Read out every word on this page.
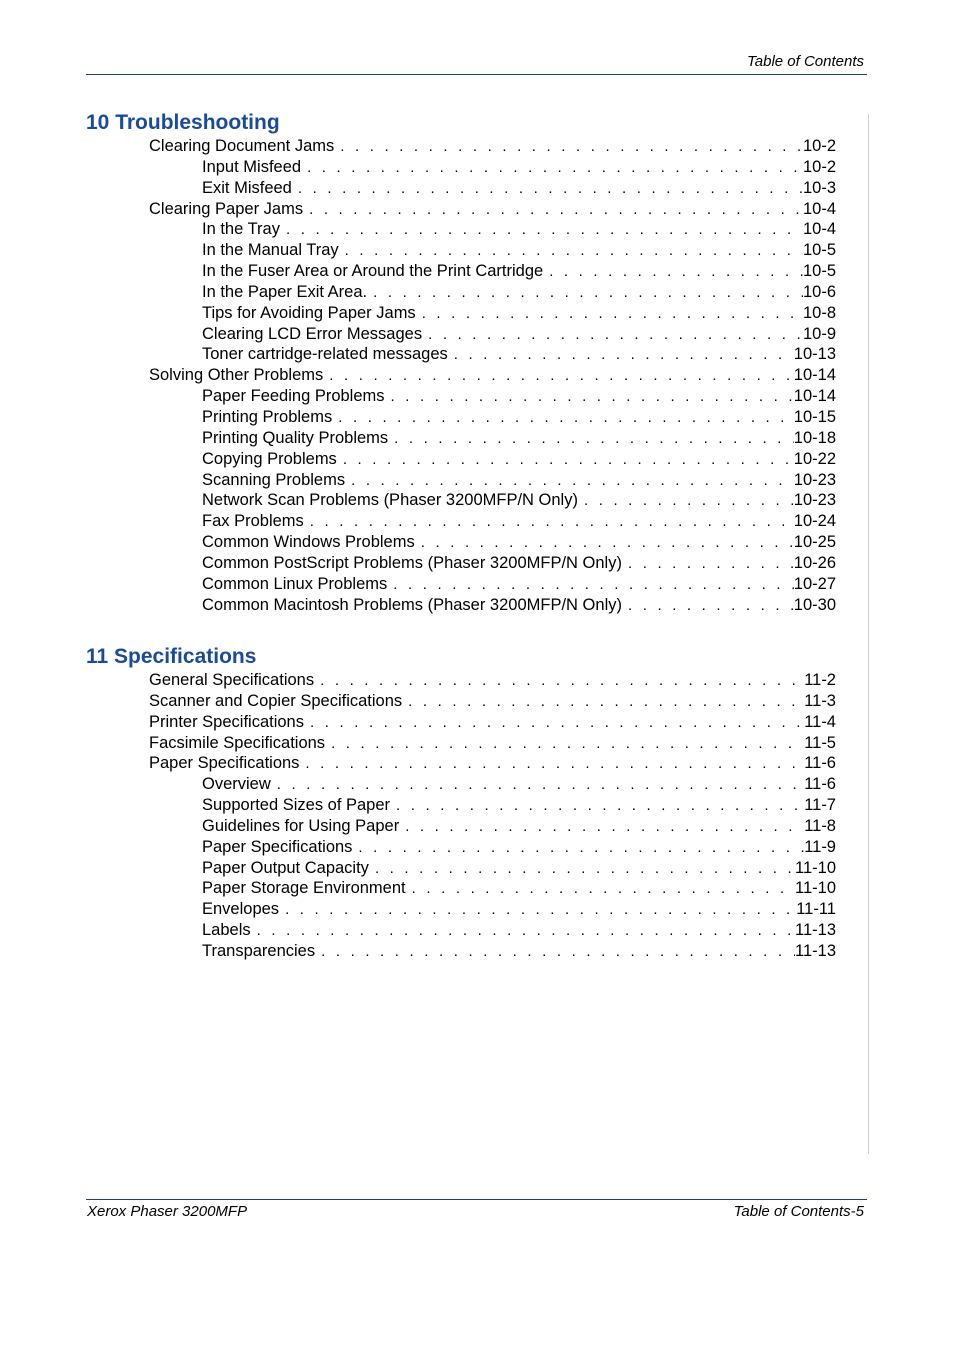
Table of Contents
10 Troubleshooting
Clearing Document Jams . . .	10-2
Input Misfeed . . .	10-2
Exit Misfeed . . .	10-3
Clearing Paper Jams . . .	10-4
In the Tray . . .	10-4
In the Manual Tray . . .	10-5
In the Fuser Area or Around the Print Cartridge . . .	10-5
In the Paper Exit Area. . . .	10-6
Tips for Avoiding Paper Jams . . .	10-8
Clearing LCD Error Messages . . .	10-9
Toner cartridge-related messages . . .	10-13
Solving Other Problems . . .	10-14
Paper Feeding Problems . . .	10-14
Printing Problems . . .	10-15
Printing Quality Problems . . .	10-18
Copying Problems . . .	10-22
Scanning Problems . . .	10-23
Network Scan Problems (Phaser 3200MFP/N Only) . . .	10-23
Fax Problems . . .	10-24
Common Windows Problems . . .	10-25
Common PostScript Problems (Phaser 3200MFP/N Only) . . .	10-26
Common Linux Problems . . .	10-27
Common Macintosh Problems (Phaser 3200MFP/N Only) . . .	10-30
11 Specifications
General Specifications . . .	11-2
Scanner and Copier Specifications . . .	11-3
Printer Specifications . . .	11-4
Facsimile Specifications . . .	11-5
Paper Specifications . . .	11-6
Overview . . .	11-6
Supported Sizes of Paper . . .	11-7
Guidelines for Using Paper . . .	11-8
Paper Specifications . . .	11-9
Paper Output Capacity . . .	11-10
Paper Storage Environment . . .	11-10
Envelopes . . .	11-11
Labels . . .	11-13
Transparencies . . .	11-13
Xerox Phaser 3200MFP	Table of Contents-5
